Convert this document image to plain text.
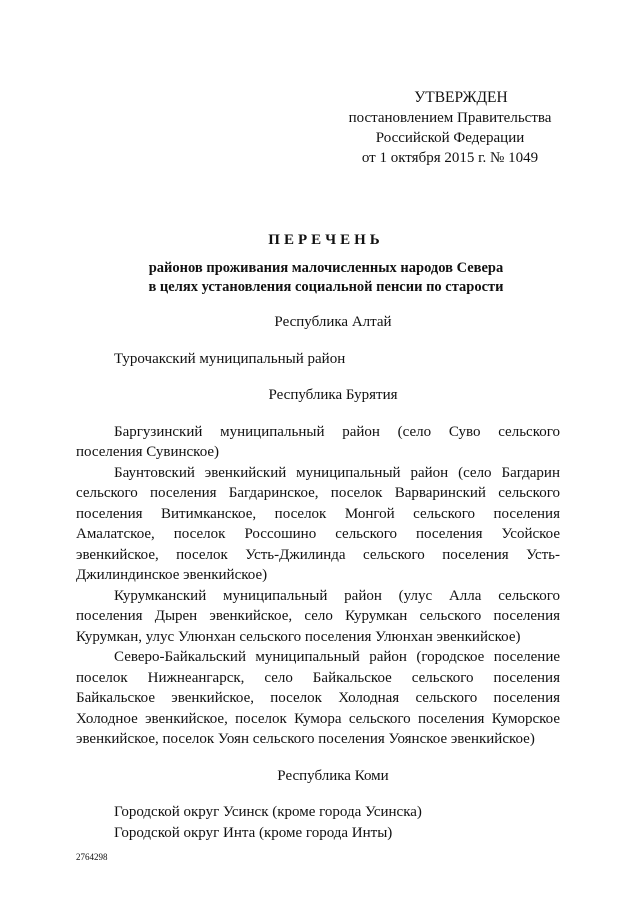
УТВЕРЖДЕН
постановлением Правительства
Российской Федерации
от 1 октября 2015 г. № 1049
ПЕРЕЧЕНЬ
районов проживания малочисленных народов Севера
в целях установления социальной пенсии по старости

Республика Алтай

Турочакский муниципальный район

Республика Бурятия

Баргузинский муниципальный район (село Суво сельского поселения Сувинское)

Баунтовский эвенкийский муниципальный район (село Багдарин сельского поселения Багдаринское, поселок Варваринский сельского поселения Витимканское, поселок Монгой сельского поселения Амалатское, поселок Россошино сельского поселения Усойское эвенкийское, поселок Усть-Джилинда сельского поселения Усть-Джилиндинское эвенкийское)

Курумканский муниципальный район (улус Алла сельского поселения Дырен эвенкийское, село Курумкан сельского поселения Курумкан, улус Улюнхан сельского поселения Улюнхан эвенкийское)

Северо-Байкальский муниципальный район (городское поселение поселок Нижнеангарск, село Байкальское сельского поселения Байкальское эвенкийское, поселок Холодная сельского поселения Холодное эвенкийское, поселок Кумора сельского поселения Куморское эвенкийское, поселок Уоян сельского поселения Уоянское эвенкийское)

Республика Коми

Городской округ Усинск (кроме города Усинска)

Городской округ Инта (кроме города Инты)

2764298
